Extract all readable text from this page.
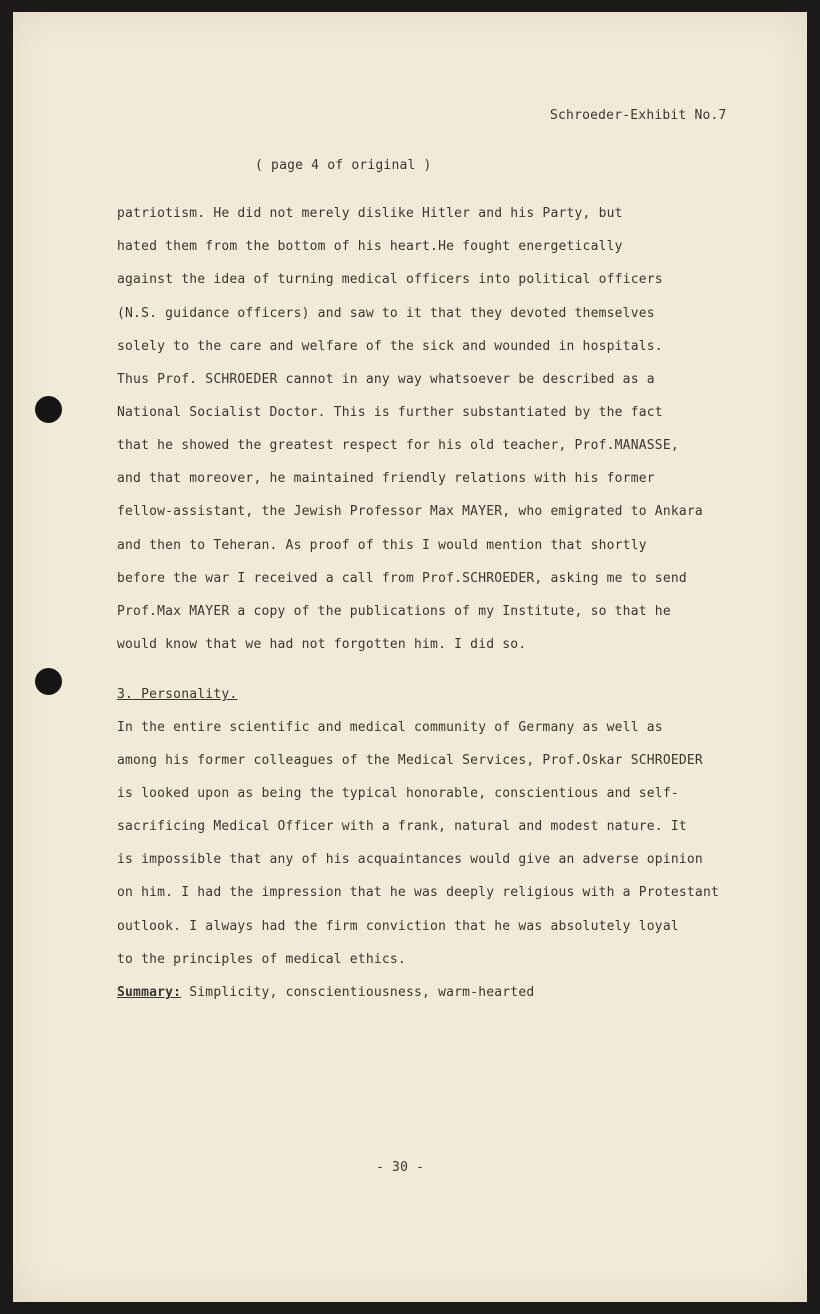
Schroeder-Exhibit No.7

( page 4 of original )

patriotism. He did not merely dislike Hitler and his Party, but

hated them from the bottom of his heart.He fought energetically

against the idea of turning medical officers into political officers

(N.S. guidance officers) and saw to it that they devoted themselves

solely to the care and welfare of the sick and wounded in hospitals.

Thus Prof. SCHROEDER cannot in any way whatsoever be described as a

National Socialist Doctor. This is further substantiated by the fact

that he showed the greatest respect for his old teacher, Prof.MANASSE,

and that moreover, he maintained friendly relations with his former

fellow-assistant, the Jewish Professor Max MAYER, who emigrated to Ankara

and then to Teheran. As proof of this I would mention that shortly

before the war I received a call from Prof.SCHROEDER, asking me to send

Prof.Max MAYER a copy of the publications of my Institute, so that he

would know that we had not forgotten him. I did so.

3. Personality.

In the entire scientific and medical community of Germany as well as

among his former colleagues of the Medical Services, Prof.Oskar SCHROEDER

is looked upon as being the typical honorable, conscientious and self-

sacrificing Medical Officer with a frank, natural and modest nature. It

is impossible that any of his acquaintances would give an adverse opinion

on him. I had the impression that he was deeply religious with a Protestant

outlook. I always had the firm conviction that he was absolutely loyal

to the principles of medical ethics.

Summary: Simplicity, conscientiousness, warm-hearted

- 30 -
